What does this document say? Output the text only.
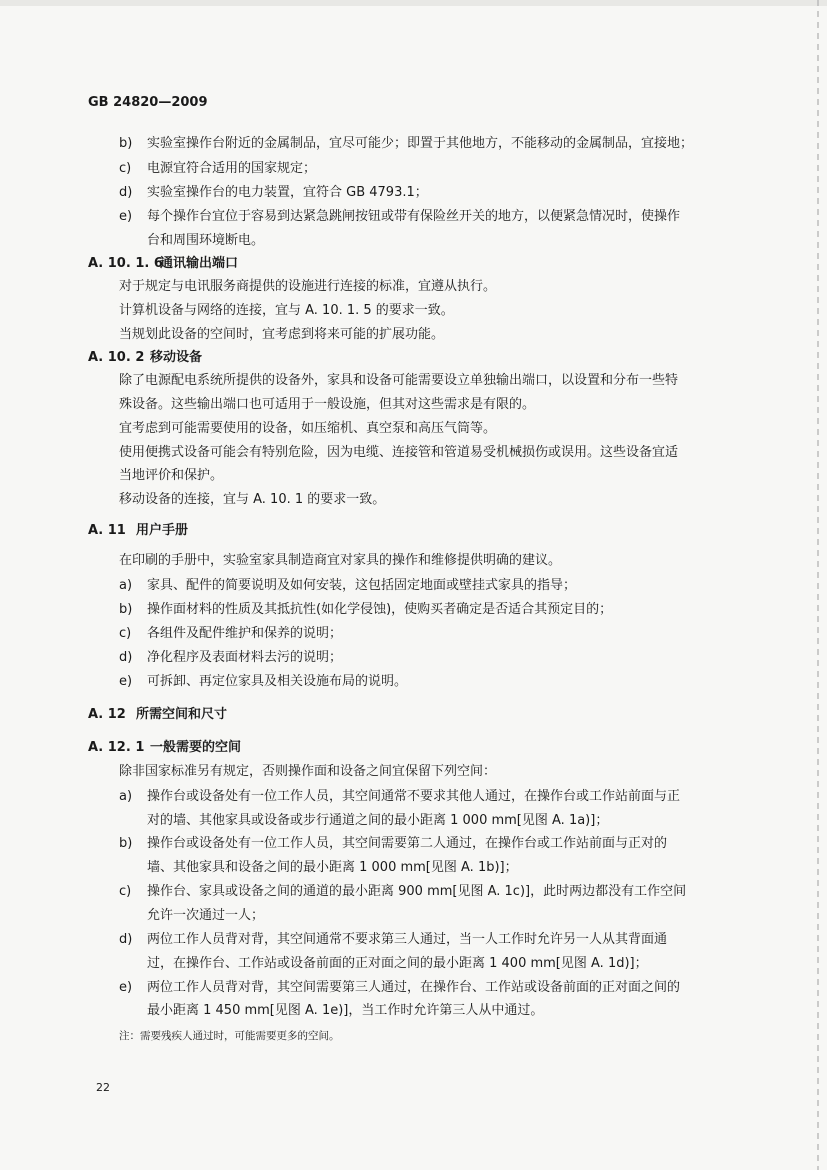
GB 24820—2009
b) 实验室操作台附近的金属制品，宜尽可能少；即置于其他地方，不能移动的金属制品，宜接地；
c) 电源宜符合适用的国家规定；
d) 实验室操作台的电力装置，宜符合 GB 4793.1；
e) 每个操作台宜位于容易到达紧急跳闸按钮或带有保险丝开关的地方，以便紧急情况时，使操作
台和周围环境断电。
A. 10. 1. 6通讯输出端口
对于规定与电讯服务商提供的设施进行连接的标准，宜遵从执行。
计算机设备与网络的连接，宜与 A. 10. 1. 5 的要求一致。
当规划此设备的空间时，宜考虑到将来可能的扩展功能。
A. 10. 2 移动设备
除了电源配电系统所提供的设备外，家具和设备可能需要设立单独输出端口，以设置和分布一些特
殊设备。这些输出端口也可适用于一般设施，但其对这些需求是有限的。
宜考虑到可能需要使用的设备，如压缩机、真空泵和高压气筒等。
使用便携式设备可能会有特别危险，因为电缆、连接管和管道易受机械损伤或误用。这些设备宜适
当地评价和保护。
移动设备的连接，宜与 A. 10. 1 的要求一致。
A. 11 用户手册
在印刷的手册中，实验室家具制造商宜对家具的操作和维修提供明确的建议。
a) 家具、配件的简要说明及如何安装，这包括固定地面或壁挂式家具的指导；
b) 操作面材料的性质及其抵抗性(如化学侵蚀)，使购买者确定是否适合其预定目的；
c) 各组件及配件维护和保养的说明；
d) 净化程序及表面材料去污的说明；
e) 可拆卸、再定位家具及相关设施布局的说明。
A. 12 所需空间和尺寸
A. 12. 1 一般需要的空间
除非国家标准另有规定，否则操作面和设备之间宜保留下列空间：
a) 操作台或设备处有一位工作人员，其空间通常不要求其他人通过，在操作台或工作站前面与正
对的墙、其他家具或设备或步行通道之间的最小距离 1 000 mm[见图 A. 1a)]；
b) 操作台或设备处有一位工作人员，其空间需要第二人通过，在操作台或工作站前面与正对的
墙、其他家具和设备之间的最小距离 1 000 mm[见图 A. 1b)]；
c) 操作台、家具或设备之间的通道的最小距离 900 mm[见图 A. 1c)]，此时两边都没有工作空间
允许一次通过一人；
d) 两位工作人员背对背，其空间通常不要求第三人通过，当一人工作时允许另一人从其背面通
过，在操作台、工作站或设备前面的正对面之间的最小距离 1 400 mm[见图 A. 1d)]；
e) 两位工作人员背对背，其空间需要第三人通过，在操作台、工作站或设备前面的正对面之间的
最小距离 1 450 mm[见图 A. 1e)]，当工作时允许第三人从中通过。
注：需要残疾人通过时，可能需要更多的空间。
22
